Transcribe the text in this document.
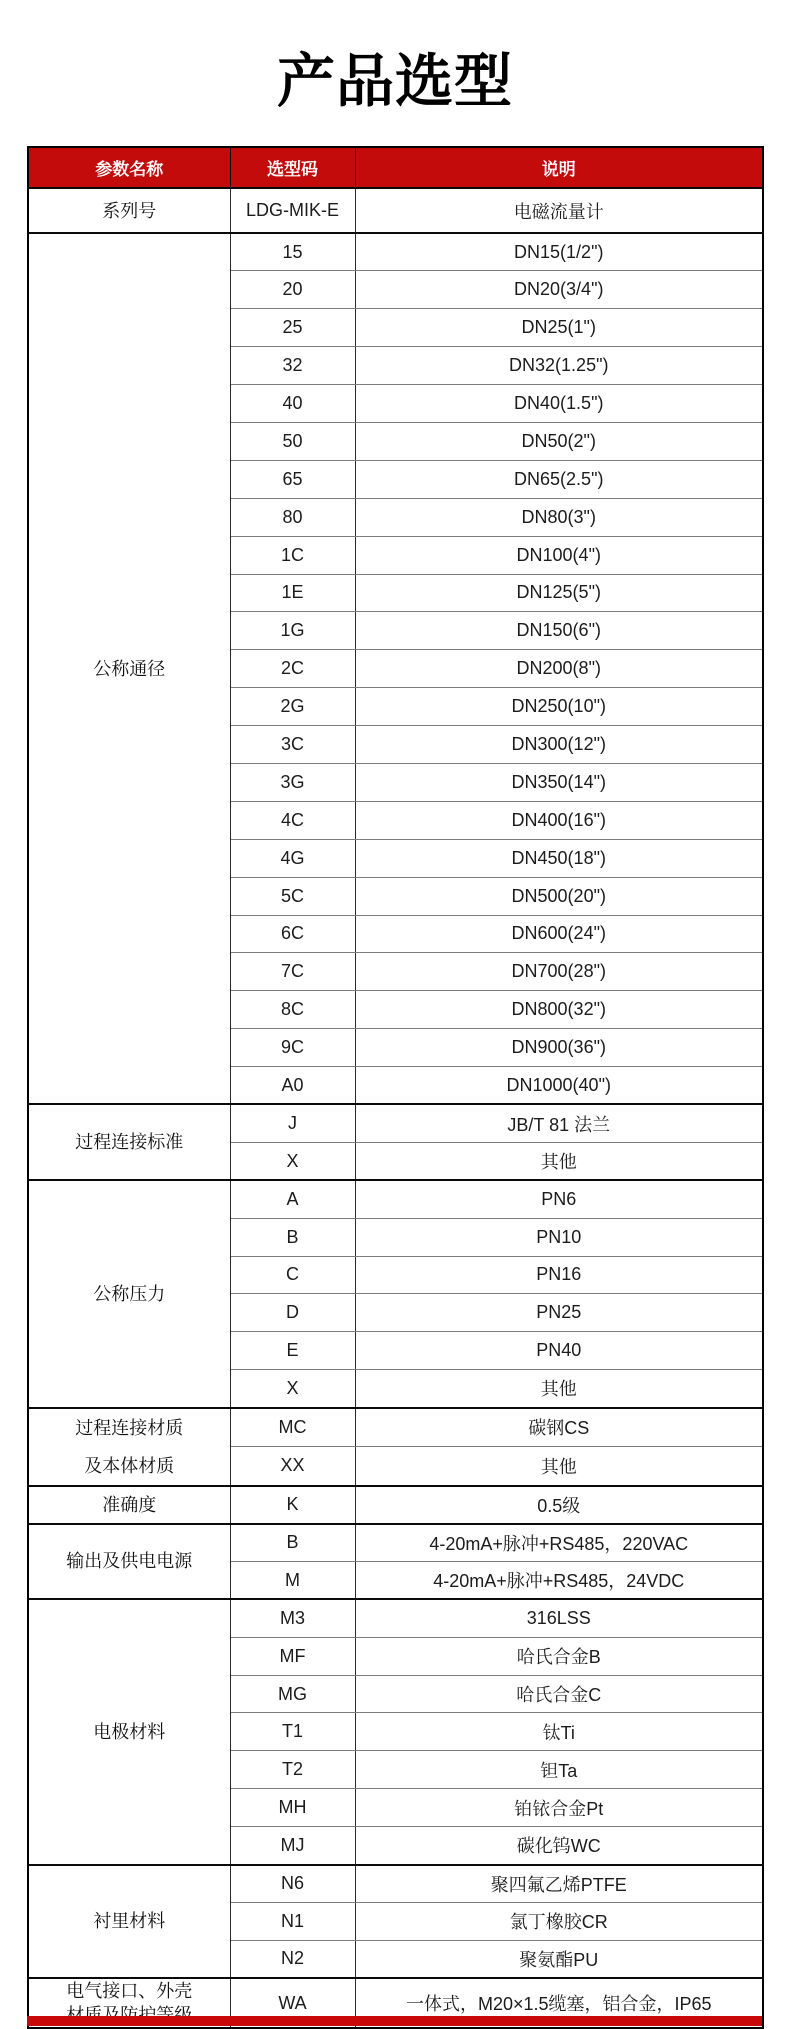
产品选型
参数名称	选型码	说明

系列号	LDG-MIK-E	电磁流量计

公称通径	15	DN15(1/2")
	20	DN20(3/4")
	25	DN25(1")
	32	DN32(1.25")
	40	DN40(1.5")
	50	DN50(2")
	65	DN65(2.5")
	80	DN80(3")
	1C	DN100(4")
	1E	DN125(5")
	1G	DN150(6")
	2C	DN200(8")
	2G	DN250(10")
	3C	DN300(12")
	3G	DN350(14")
	4C	DN400(16")
	4G	DN450(18")
	5C	DN500(20")
	6C	DN600(24")
	7C	DN700(28")
	8C	DN800(32")
	9C	DN900(36")
	A0	DN1000(40")

过程连接标准	J	JB/T 81 法兰
	X	其他

公称压力	A	PN6
	B	PN10
	C	PN16
	D	PN25
	E	PN40
	X	其他

过程连接材质
及本体材质	MC	碳钢CS
	XX	其他

准确度	K	0.5级

输出及供电电源	B	4-20mA+脉冲+RS485，220VAC
	M	4-20mA+脉冲+RS485，24VDC

电极材料	M3	316LSS
	MF	哈氏合金B
	MG	哈氏合金C
	T1	钛Ti
	T2	钽Ta
	MH	铂铱合金Pt
	MJ	碳化钨WC

衬里材料	N6	聚四氟乙烯PTFE
	N1	氯丁橡胶CR
	N2	聚氨酯PU

电气接口、外壳	WA	一体式，M20×1.5缆塞，铝合金，IP65
